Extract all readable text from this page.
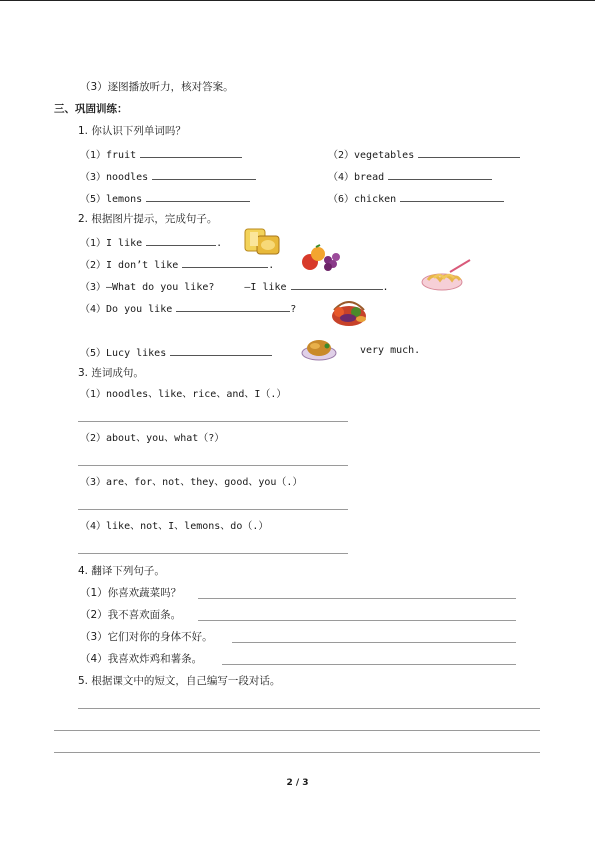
（3）逐图播放听力，核对答案。
三、巩固训练：
1. 你认识下列单词吗？
（1）fruit	（2）vegetables
（3）noodles	（4）bread
（5）lemons	（6）chicken
2. 根据图片提示，完成句子。
（1）I like	.
（2）I don’t like	.
（3）—What do you like?	—I like	.
（4）Do you like	?
（5）Lucy likes	very much.
3. 连词成句。
（1）noodles、like、rice、and、I（.）
（2）about、you、what（?）
（3）are、for、not、they、good、you（.）
（4）like、not、I、lemons、do（.）
4. 翻译下列句子。
（1）你喜欢蔬菜吗？
（2）我不喜欢面条。
（3）它们对你的身体不好。
（4）我喜欢炸鸡和薯条。
5. 根据课文中的短文，自己编写一段对话。
2 / 3
